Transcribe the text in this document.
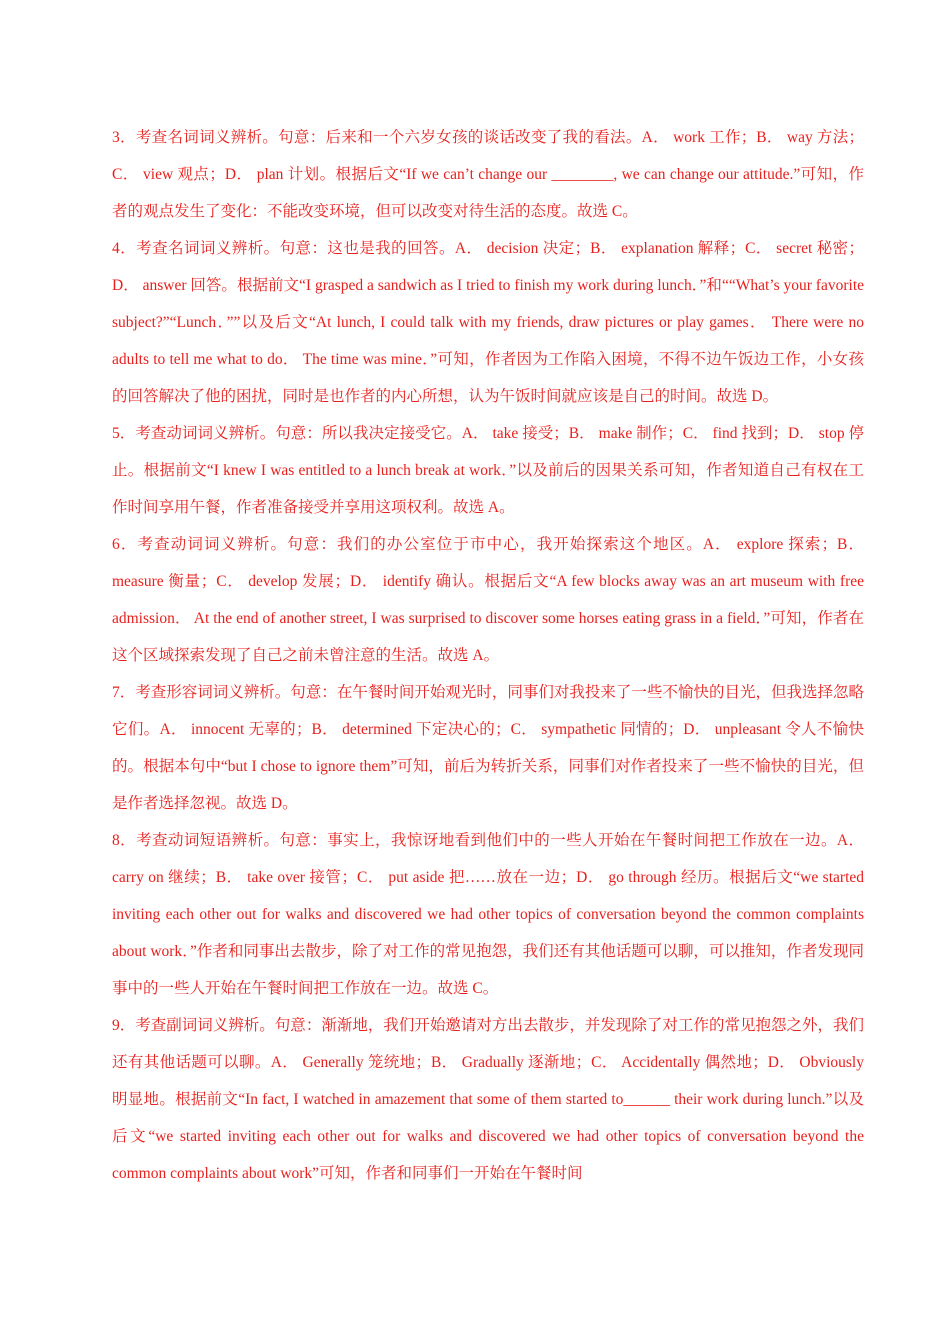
3．考查名词词义辨析。句意：后来和一个六岁女孩的谈话改变了我的看法。A． work 工作；B． way 方法；C． view 观点；D． plan 计划。根据后文“If we can’t change our ________, we can change our attitude.”可知，作者的观点发生了变化：不能改变环境，但可以改变对待生活的态度。故选 C。

4．考查名词词义辨析。句意：这也是我的回答。A． decision 决定；B． explanation 解释；C． secret 秘密；D． answer 回答。根据前文“I grasped a sandwich as I tried to finish my work during lunch．”和““What’s your favorite subject?”“Lunch．””以及后文“At lunch, I could talk with my friends, draw pictures or play games． There were no adults to tell me what to do． The time was mine．”可知，作者因为工作陷入困境，不得不边午饭边工作，小女孩的回答解决了他的困扰，同时是也作者的内心所想，认为午饭时间就应该是自己的时间。故选 D。

5．考查动词词义辨析。句意：所以我决定接受它。A． take 接受；B． make 制作；C． find 找到；D． stop 停止。根据前文“I knew I was entitled to a lunch break at work．”以及前后的因果关系可知，作者知道自己有权在工作时间享用午餐，作者准备接受并享用这项权利。故选 A。

6．考查动词词义辨析。句意：我们的办公室位于市中心，我开始探索这个地区。A． explore 探索；B． measure 衡量；C． develop 发展；D． identify 确认。根据后文“A few blocks away was an art museum with free admission． At the end of another street, I was surprised to discover some horses eating grass in a field．”可知，作者在这个区域探索发现了自己之前未曾注意的生活。故选 A。

7．考查形容词词义辨析。句意：在午餐时间开始观光时，同事们对我投来了一些不愉快的目光，但我选择忽略它们。A． innocent 无辜的；B． determined 下定决心的；C． sympathetic 同情的；D． unpleasant 令人不愉快的。根据本句中“but I chose to ignore them”可知，前后为转折关系，同事们对作者投来了一些不愉快的目光，但是作者选择忽视。故选 D。

8．考查动词短语辨析。句意：事实上，我惊讶地看到他们中的一些人开始在午餐时间把工作放在一边。A． carry on 继续；B． take over 接管；C． put aside 把……放在一边；D． go through 经历。根据后文“we started inviting each other out for walks and discovered we had other topics of conversation beyond the common complaints about work．”作者和同事出去散步，除了对工作的常见抱怨，我们还有其他话题可以聊，可以推知，作者发现同事中的一些人开始在午餐时间把工作放在一边。故选 C。

9．考查副词词义辨析。句意：渐渐地，我们开始邀请对方出去散步，并发现除了对工作的常见抱怨之外，我们还有其他话题可以聊。A． Generally 笼统地；B． Gradually 逐渐地；C． Accidentally 偶然地；D． Obviously 明显地。根据前文“In fact, I watched in amazement that some of them started to______ their work during lunch.”以及后文“we started inviting each other out for walks and discovered we had other topics of conversation beyond the common complaints about work”可知，作者和同事们一开始在午餐时间
